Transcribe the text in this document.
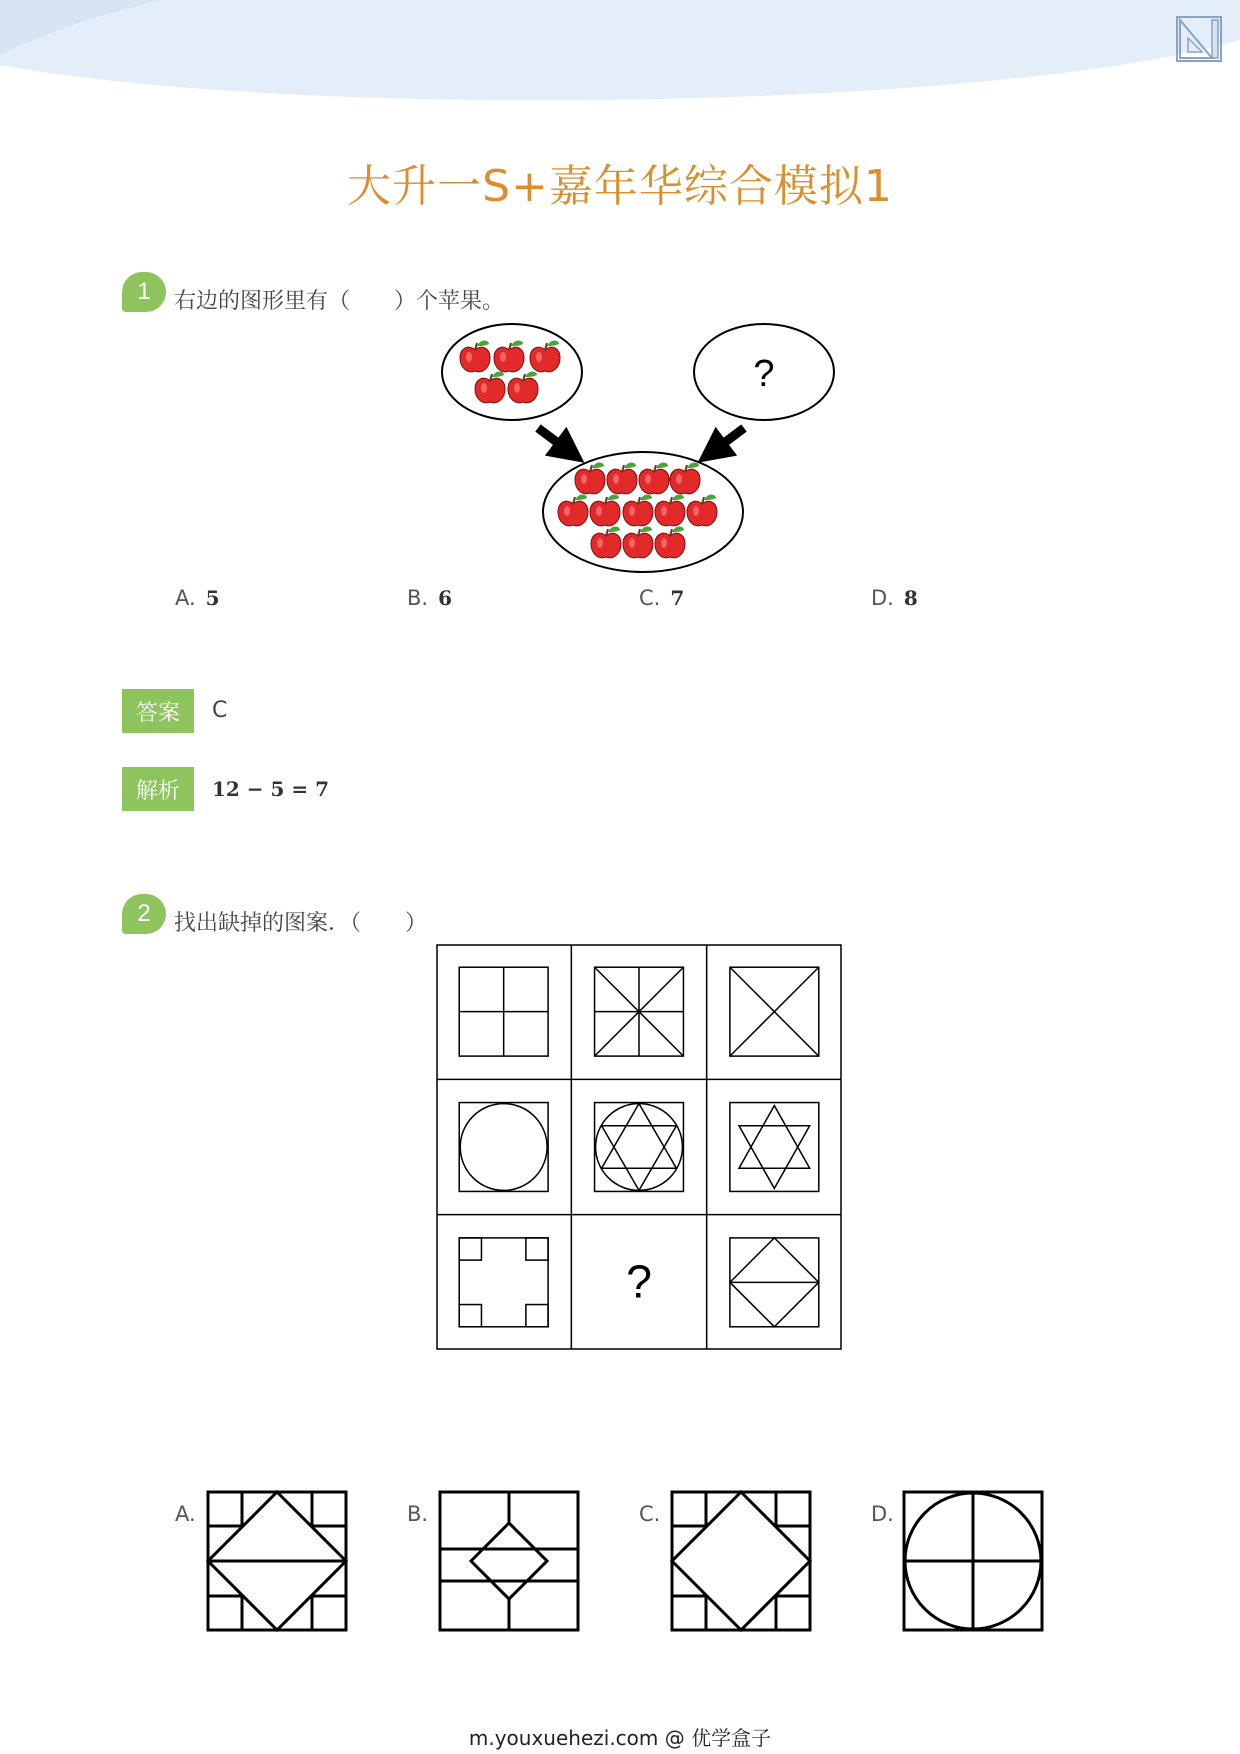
大升一S+嘉年华综合模拟1
1	右边的图形里有（　　）个苹果。
?
A. 5	B. 6	C. 7	D. 8
答案	C
解析	12 − 5 = 7
2	找出缺掉的图案．（　　）
?
A.	B.	C.	D.
m.youxuehezi.com @ 优学盒子
